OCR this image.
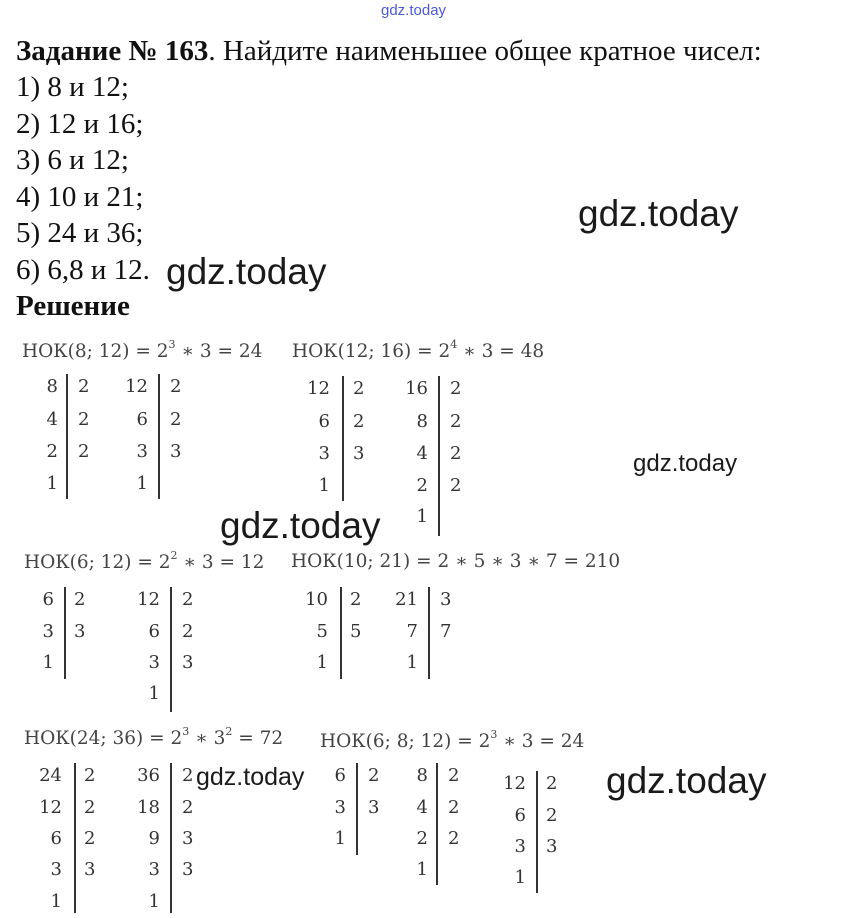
gdz.today
Задание № 163. Найдите наименьшее общее кратное чисел:
1) 8 и 12;
2) 12 и 16;
3) 6 и 12;
4) 10 и 21;
5) 24 и 36;
6) 6,8 и 12.
gdz.today
gdz.today
Решение
НОК(8; $12) = 2^3$ ∗ 3 = 24 НОК(12; $16) = 2^4$ ∗ 3 = 48
8
4
2
1
2
2
2
12
6
3
1
2
2
3
12
6
3
1
2
2
3
16
8
4
2
1
2
2
2
2
gdz.today
gdz.today
НОК(6; $12) = 2^2$ ∗ 3 = 12 НОК(10; 21) = 2 ∗ 5 ∗ 3 ∗ 7 = 210
6
3
1
2
3
12
6
3
1
2
2
3
10
5
1
2
5
21
7
1
3
7
НОК(24; $36) = 2^3$ ∗ $3^2 = 72$ НОК(6; 8; $12) = 2^3$ ∗ 3 = 24
24
12
6
3
1
2
2
2
3
36
18
9
3
1
2
2
3
3
gdz.today	6
3
1
2
3
8
4
2
1
2
2
2
12
6
3
1
2
2
3
gdz.today
